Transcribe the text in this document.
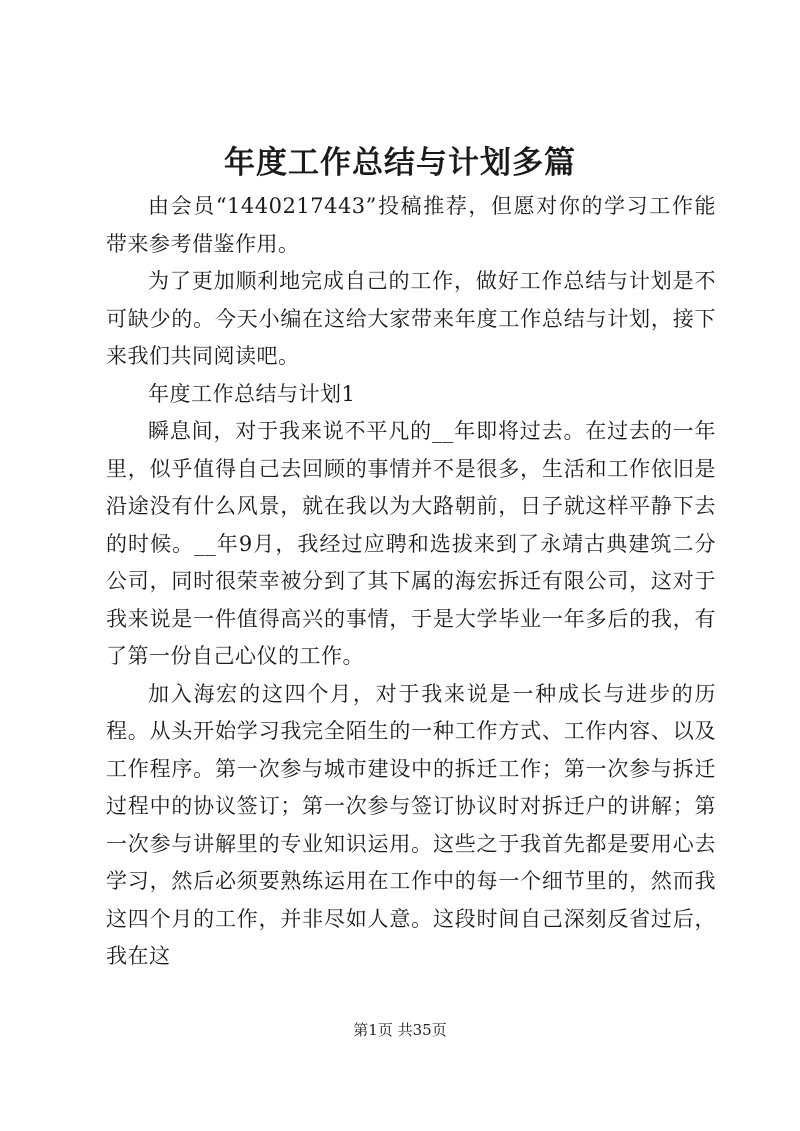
年度工作总结与计划多篇

由会员“1440217443”投稿推荐，但愿对你的学习工作能带来参考借鉴作用。

为了更加顺利地完成自己的工作，做好工作总结与计划是不可缺少的。今天小编在这给大家带来年度工作总结与计划，接下来我们共同阅读吧。

年度工作总结与计划1

瞬息间，对于我来说不平凡的__年即将过去。在过去的一年里，似乎值得自己去回顾的事情并不是很多，生活和工作依旧是沿途没有什么风景，就在我以为大路朝前，日子就这样平静下去的时候。__年9月，我经过应聘和选拔来到了永靖古典建筑二分公司，同时很荣幸被分到了其下属的海宏拆迁有限公司，这对于我来说是一件值得高兴的事情，于是大学毕业一年多后的我，有了第一份自己心仪的工作。

加入海宏的这四个月，对于我来说是一种成长与进步的历程。从头开始学习我完全陌生的一种工作方式、工作内容、以及工作程序。第一次参与城市建设中的拆迁工作；第一次参与拆迁过程中的协议签订；第一次参与签订协议时对拆迁户的讲解；第一次参与讲解里的专业知识运用。这些之于我首先都是要用心去学习，然后必须要熟练运用在工作中的每一个细节里的，然而我这四个月的工作，并非尽如人意。这段时间自己深刻反省过后，我在这

第1页 共35页
